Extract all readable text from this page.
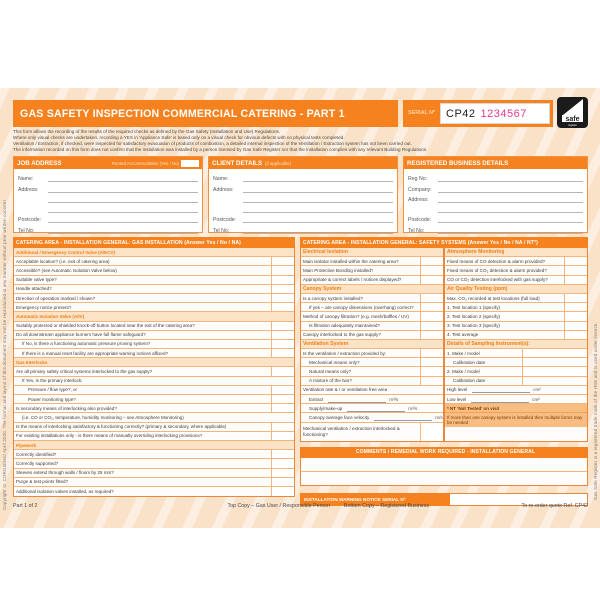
Copyright © CORGIdirect April 2020. The format and layout of this document may not be reproduced in any manner without prior written consent	Gas Safe Register is a registered trade mark of the HSE and is used under licence.
GAS SAFETY INSPECTION COMMERCIAL CATERING - PART 1	SERIAL Nº CP42 1234567	safe
register
This form allows the recording of the results of the required checks as defined by the Gas Safety (Installation and Use) Regulations.
Where only visual checks are undertaken, recording a YES in 'Appliance Safe' is based only on a visual check for obvious defects with no physical tests completed.
Ventilation / Extraction, if checked, were inspected for satisfactory evacuation of products of combustion, a detailed internal inspection of the Ventilation / Extraction system has not been carried out.
The information recorded on this form does not confirm that the installation was installed by a person licensed by Gas Safe Register nor that the installation complies with any relevant Building Regulations.
JOB ADDRESS	Rented Accommodation (Yes / No)
Name:
Address:
Postcode:
Tel No:
CLIENT DETAILS (if applicable)
Name:
Address:
Postcode:
Tel No:
REGISTERED BUSINESS DETAILS
Reg No:
Company:
Address:
Postcode:
Tel No:
CATERING AREA - INSTALLATION GENERAL: GAS INSTALLATION (Answer Yes / No / NA)
Additional / Emergency Control Valve (A/ECV)
Acceptable location? (i.e. exit of catering area)
Accessible? (see Automatic Isolation Valve below)
Suitable valve type?
Handle attached?
Direction of operation marked / shown?
Emergency notice present?
Automatic Isolation Valve (A/IV)
Suitably protected or shielded knock-off button located near the exit of the catering area?
Do all downstream appliance burners have full flame safeguard?
If No, is there a functioning automatic pressure proving system?
If there is a manual reset facility are appropriate warning notices affixed?
Gas Interlocks
Are all primary safety critical systems interlocked to the gas supply?
If Yes, is the primary interlock:
Pressure / flow type?; or
Power monitoring type?
Is secondary means of interlocking also provided?
(i.e. CO or CO₂, temperature, humidity monitoring – see Atmosphere Monitoring)
Is the means of interlocking satisfactory & functioning correctly? (primary & secondary, where applicable)
For existing installations only - is there means of manually overriding interlocking provisions?
Pipework
Correctly identified?
Correctly supported?
Sleeves extend through walls / floors by 25 mm?
Purge & test points fitted?
Additional isolation valves installed, as required?
CATERING AREA - INSTALLATION GENERAL: SAFETY SYSTEMS (Answer Yes / No / NA / NT*)
Electrical Isolation
Main isolator installed within the catering area?
Main Protective Bonding installed?
Appropriate & correct labels / notices displayed?
Canopy System
Is a canopy system installed?
If yes – are canopy dimensions (overhang) correct?
Method of canopy filtration? (e.g. mesh/baffles / UV)
Is filtration adequately maintained?
Canopy interlocked to the gas supply?
Ventilation System
Is the ventilation / extraction provided by:
Mechanical means only?
Natural means only?
A mixture of the two?
Ventilation rate & / or ventilation free area
Extract	m³/s
Supply/make-up	m³/s
Canopy average face velocity	m/s
Mechanical ventilation / extraction interlocked & functioning?
Atmosphere Monitoring
Fixed means of CO detection & alarm provided?
Fixed means of CO₂ detection & alarm provided?
CO or CO₂ detection interlocked with gas supply?
Air Quality Testing (ppm)
Max. CO₂ recorded at test locations (full load)
1. Test location 1 (specify)
2. Test location 2 (specify)
3. Test location 3 (specify)
4. Test average
Details of Sampling Instrument(s):
1. Make / model
Calibration date
2. Make / model
Calibration date
High level	cm²
Low level	cm²
* NT 'Not Tested' on visit
If more than one canopy system is installed then multiple forms may be needed
COMMENTS / REMEDIAL WORK REQUIRED - INSTALLATION GENERAL
INSTALLATION WARNING NOTICE SERIAL Nº
Part 1 of 2	Top Copy – Gas User / Responsible Person	Bottom Copy – Registered Business	To re-order quote Ref. CP42
